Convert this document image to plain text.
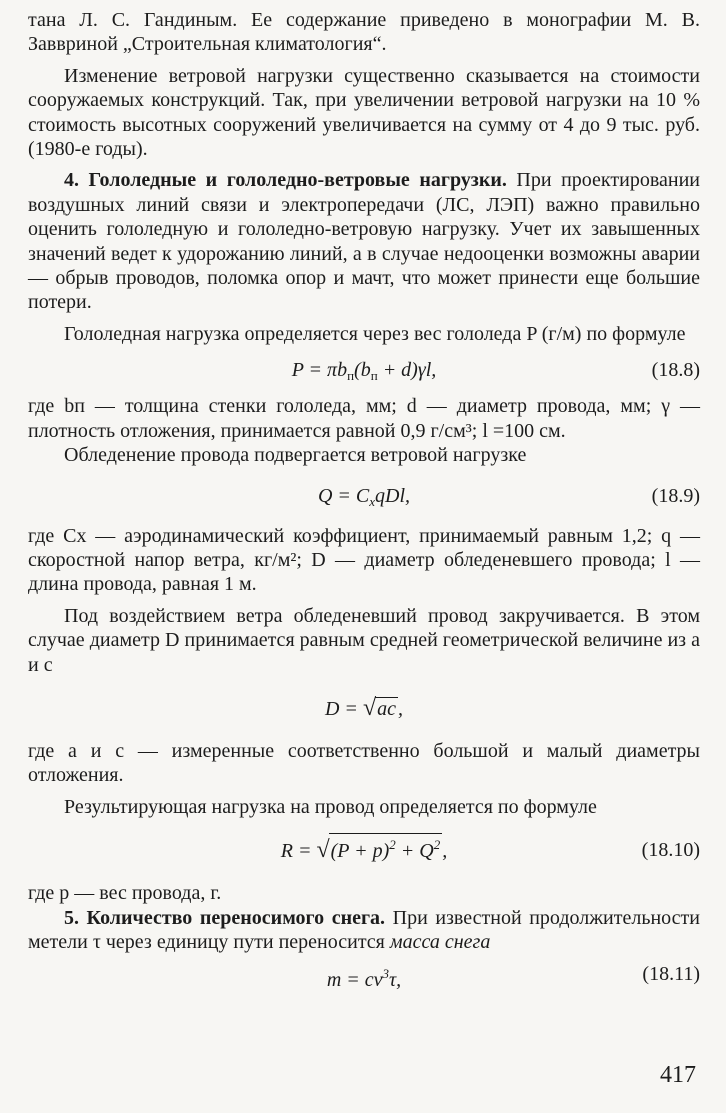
тана Л. С. Гандиным. Ее содержание приведено в монографии М. В. Заввриной „Строительная климатология“.

Изменение ветровой нагрузки существенно сказывается на стоимости сооружаемых конструкций. Так, при увеличении ветровой нагрузки на 10 % стоимость высотных сооружений увеличивается на сумму от 4 до 9 тыс. руб. (1980-е годы).

4. Гололедные и гололедно-ветровые нагрузки. При проектировании воздушных линий связи и электропередачи (ЛС, ЛЭП) важно правильно оценить гололедную и гололедно-ветровую нагрузку. Учет их завышенных значений ведет к удорожанию линий, а в случае недооценки возможны аварии — обрыв проводов, поломка опор и мачт, что может принести еще большие потери.

Гололедная нагрузка определяется через вес гололеда P (г/м) по формуле

$P = \pi b_п(b_п + d)\gamma l$,	(18.8)

где bп — толщина стенки гололеда, мм; d — диаметр провода, мм; γ — плотность отложения, принимается равной 0,9 г/см³; l =100 см.

Обледенение провода подвергается ветровой нагрузке

$Q = C_xqDl$,	(18.9)

где Cx — аэродинамический коэффициент, принимаемый равным 1,2; q — скоростной напор ветра, кг/м²; D — диаметр обледеневшего провода; l — длина провода, равная 1 м.

Под воздействием ветра обледеневший провод закручивается. В этом случае диаметр D принимается равным средней геометрической величине из a и c

D = √ac ,

где a и c — измеренные соответственно большой и малый диаметры отложения.

Результирующая нагрузка на провод определяется по формуле

$R = √(P + p)^2 + Q^2$ ,	(18.10)

где p — вес провода, г.

5. Количество переносимого снега. При известной продолжительности метели τ через единицу пути переносится масса снега

$m = cv^3\tau$,	(18.11)
417
